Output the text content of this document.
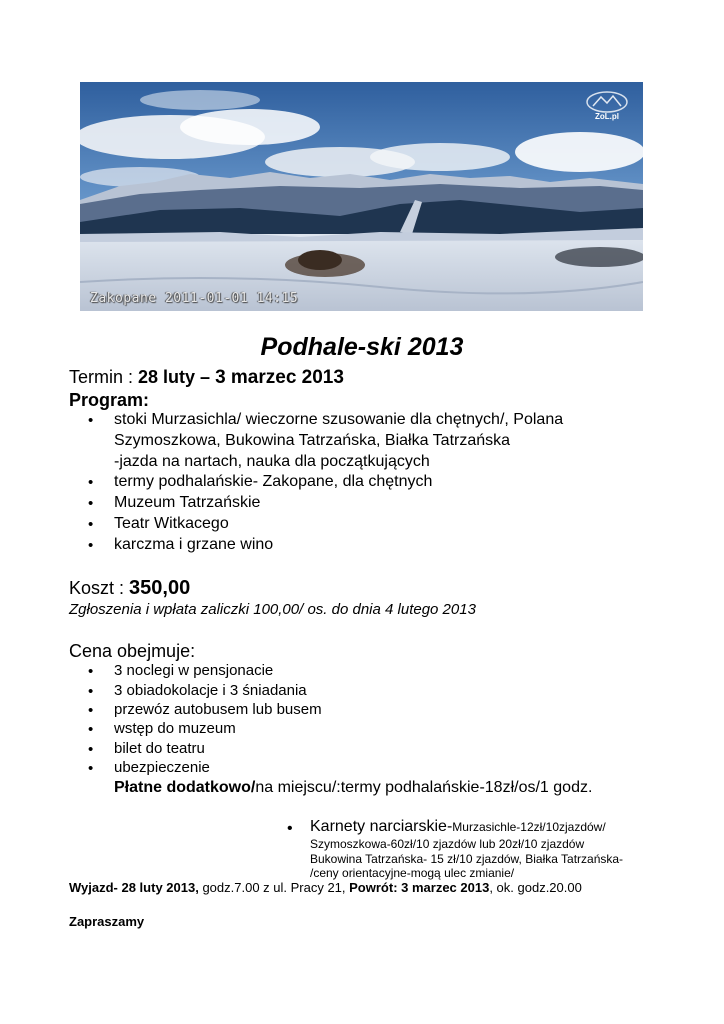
ZoL.pl
Zakopane 2011-01-01 14:15
Podhale-ski 2013
Termin : 28 luty – 3 marzec 2013
Program:
• stoki Murzasichla/ wieczorne szusowanie dla chętnych/, Polana
Szymoszkowa, Bukowina Tatrzańska, Białka Tatrzańska
-jazda na nartach, nauka dla początkujących
• termy podhalańskie- Zakopane, dla chętnych
• Muzeum Tatrzańskie
• Teatr Witkacego
• karczma i grzane wino
Koszt : 350,00
Zgłoszenia i wpłata zaliczki 100,00/ os. do dnia 4 lutego 2013
Cena obejmuje:
• 3 noclegi w pensjonacie
• 3 obiadokolacje i 3 śniadania
• przewóz autobusem lub busem
• wstęp do muzeum
• bilet do teatru
• ubezpieczenie
Płatne dodatkowo/na miejscu/:termy podhalańskie-18zł/os/1 godz.
• Karnety narciarskie-Murzasichle-12zł/10zjazdów/
Szymoszkowa-60zł/10 zjazdów lub 20zł/10 zjazdów
Bukowina Tatrzańska- 15 zł/10 zjazdów, Białka Tatrzańska-
/ceny orientacyjne-mogą ulec zmianie/
Wyjazd- 28 luty 2013, godz.7.00 z ul. Pracy 21, Powrót: 3 marzec 2013, ok. godz.20.00
Zapraszamy
